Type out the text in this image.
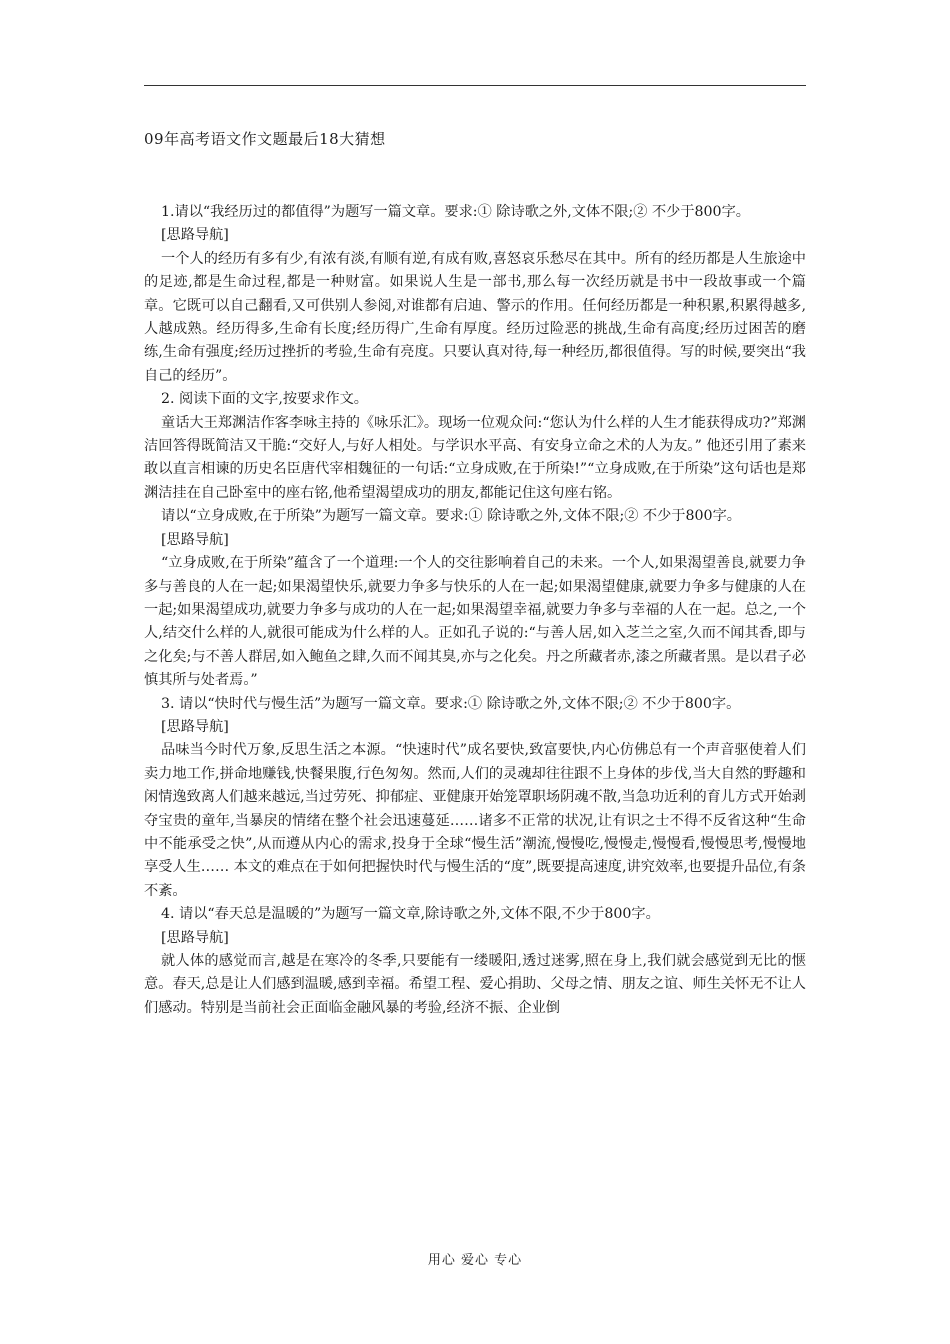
09年高考语文作文题最后18大猜想

1.请以“我经历过的都值得”为题写一篇文章。要求:① 除诗歌之外,文体不限;② 不少于800字。

[思路导航]

一个人的经历有多有少,有浓有淡,有顺有逆,有成有败,喜怒哀乐愁尽在其中。所有的经历都是人生旅途中的足迹,都是生命过程,都是一种财富。如果说人生是一部书,那么每一次经历就是书中一段故事或一个篇章。它既可以自己翻看,又可供别人参阅,对谁都有启迪、警示的作用。任何经历都是一种积累,积累得越多,人越成熟。经历得多,生命有长度;经历得广,生命有厚度。经历过险恶的挑战,生命有高度;经历过困苦的磨练,生命有强度;经历过挫折的考验,生命有亮度。只要认真对待,每一种经历,都很值得。写的时候,要突出“我自己的经历”。

2. 阅读下面的文字,按要求作文。

童话大王郑渊洁作客李咏主持的《咏乐汇》。现场一位观众问:“您认为什么样的人生才能获得成功?”郑渊洁回答得既简洁又干脆:“交好人,与好人相处。与学识水平高、有安身立命之术的人为友。” 他还引用了素来敢以直言相谏的历史名臣唐代宰相魏征的一句话:“立身成败,在于所染!”“立身成败,在于所染”这句话也是郑渊洁挂在自己卧室中的座右铭,他希望渴望成功的朋友,都能记住这句座右铭。

请以“立身成败,在于所染”为题写一篇文章。要求:① 除诗歌之外,文体不限;② 不少于800字。

[思路导航]

“立身成败,在于所染”蕴含了一个道理:一个人的交往影响着自己的未来。一个人,如果渴望善良,就要力争多与善良的人在一起;如果渴望快乐,就要力争多与快乐的人在一起;如果渴望健康,就要力争多与健康的人在一起;如果渴望成功,就要力争多与成功的人在一起;如果渴望幸福,就要力争多与幸福的人在一起。总之,一个人,结交什么样的人,就很可能成为什么样的人。正如孔子说的:“与善人居,如入芝兰之室,久而不闻其香,即与之化矣;与不善人群居,如入鲍鱼之肆,久而不闻其臭,亦与之化矣。丹之所藏者赤,漆之所藏者黑。是以君子必慎其所与处者焉。”

3. 请以“快时代与慢生活”为题写一篇文章。要求:① 除诗歌之外,文体不限;② 不少于800字。

[思路导航]

品味当今时代万象,反思生活之本源。“快速时代”成名要快,致富要快,内心仿佛总有一个声音驱使着人们卖力地工作,拼命地赚钱,快餐果腹,行色匆匆。然而,人们的灵魂却往往跟不上身体的步伐,当大自然的野趣和闲情逸致离人们越来越远,当过劳死、抑郁症、亚健康开始笼罩职场阴魂不散,当急功近利的育儿方式开始剥夺宝贵的童年,当暴戾的情绪在整个社会迅速蔓延……诸多不正常的状况,让有识之士不得不反省这种“生命中不能承受之快”,从而遵从内心的需求,投身于全球“慢生活”潮流,慢慢吃,慢慢走,慢慢看,慢慢思考,慢慢地享受人生…… 本文的难点在于如何把握快时代与慢生活的“度”,既要提高速度,讲究效率,也要提升品位,有条不紊。

4. 请以“春天总是温暖的”为题写一篇文章,除诗歌之外,文体不限,不少于800字。

[思路导航]

就人体的感觉而言,越是在寒冷的冬季,只要能有一缕暖阳,透过迷雾,照在身上,我们就会感觉到无比的惬意。春天,总是让人们感到温暖,感到幸福。希望工程、爱心捐助、父母之情、朋友之谊、师生关怀无不让人们感动。特别是当前社会正面临金融风暴的考验,经济不振、企业倒

用心 爱心 专心
